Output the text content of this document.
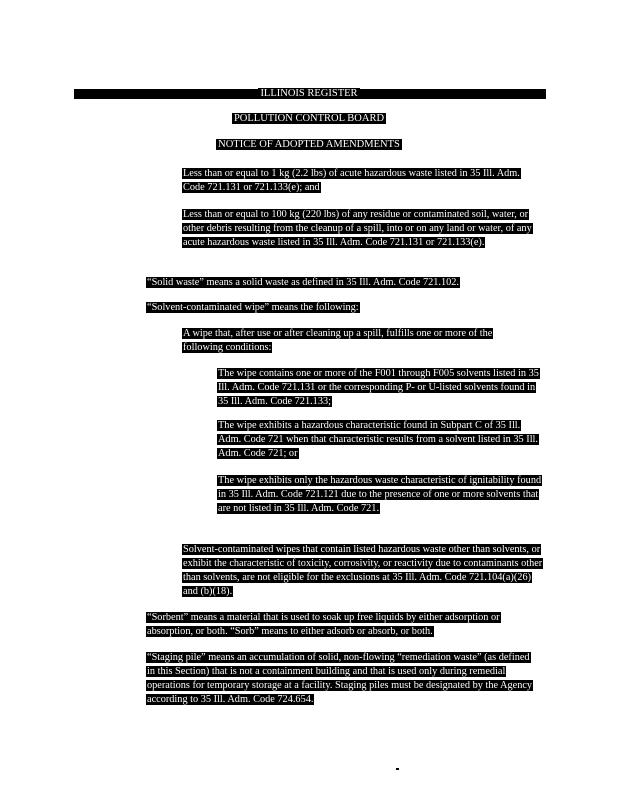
ILLINOIS REGISTER
POLLUTION CONTROL BOARD
NOTICE OF ADOPTED AMENDMENTS
Less than or equal to 1 kg (2.2 lbs) of acute hazardous waste listed in 35 Ill. Adm. Code 721.131 or 721.133(e); and
Less than or equal to 100 kg (220 lbs) of any residue or contaminated soil, water, or other debris resulting from the cleanup of a spill, into or on any land or water, of any acute hazardous waste listed in 35 Ill. Adm. Code 721.131 or 721.133(e).
“Solid waste” means a solid waste as defined in 35 Ill. Adm. Code 721.102.
“Solvent-contaminated wipe” means the following:
A wipe that, after use or after cleaning up a spill, fulfills one or more of the following conditions:
The wipe contains one or more of the F001 through F005 solvents listed in 35 Ill. Adm. Code 721.131 or the corresponding P- or U-listed solvents found in 35 Ill. Adm. Code 721.133;
The wipe exhibits a hazardous characteristic found in Subpart C of 35 Ill. Adm. Code 721 when that characteristic results from a solvent listed in 35 Ill. Adm. Code 721; or
The wipe exhibits only the hazardous waste characteristic of ignitability found in 35 Ill. Adm. Code 721.121 due to the presence of one or more solvents that are not listed in 35 Ill. Adm. Code 721.
Solvent-contaminated wipes that contain listed hazardous waste other than solvents, or exhibit the characteristic of toxicity, corrosivity, or reactivity due to contaminants other than solvents, are not eligible for the exclusions at 35 Ill. Adm. Code 721.104(a)(26) and (b)(18).
“Sorbent” means a material that is used to soak up free liquids by either adsorption or absorption, or both. “Sorb” means to either adsorb or absorb, or both.
“Staging pile” means an accumulation of solid, non-flowing “remediation waste” (as defined in this Section) that is not a containment building and that is used only during remedial operations for temporary storage at a facility. Staging piles must be designated by the Agency according to 35 Ill. Adm. Code 724.654.
